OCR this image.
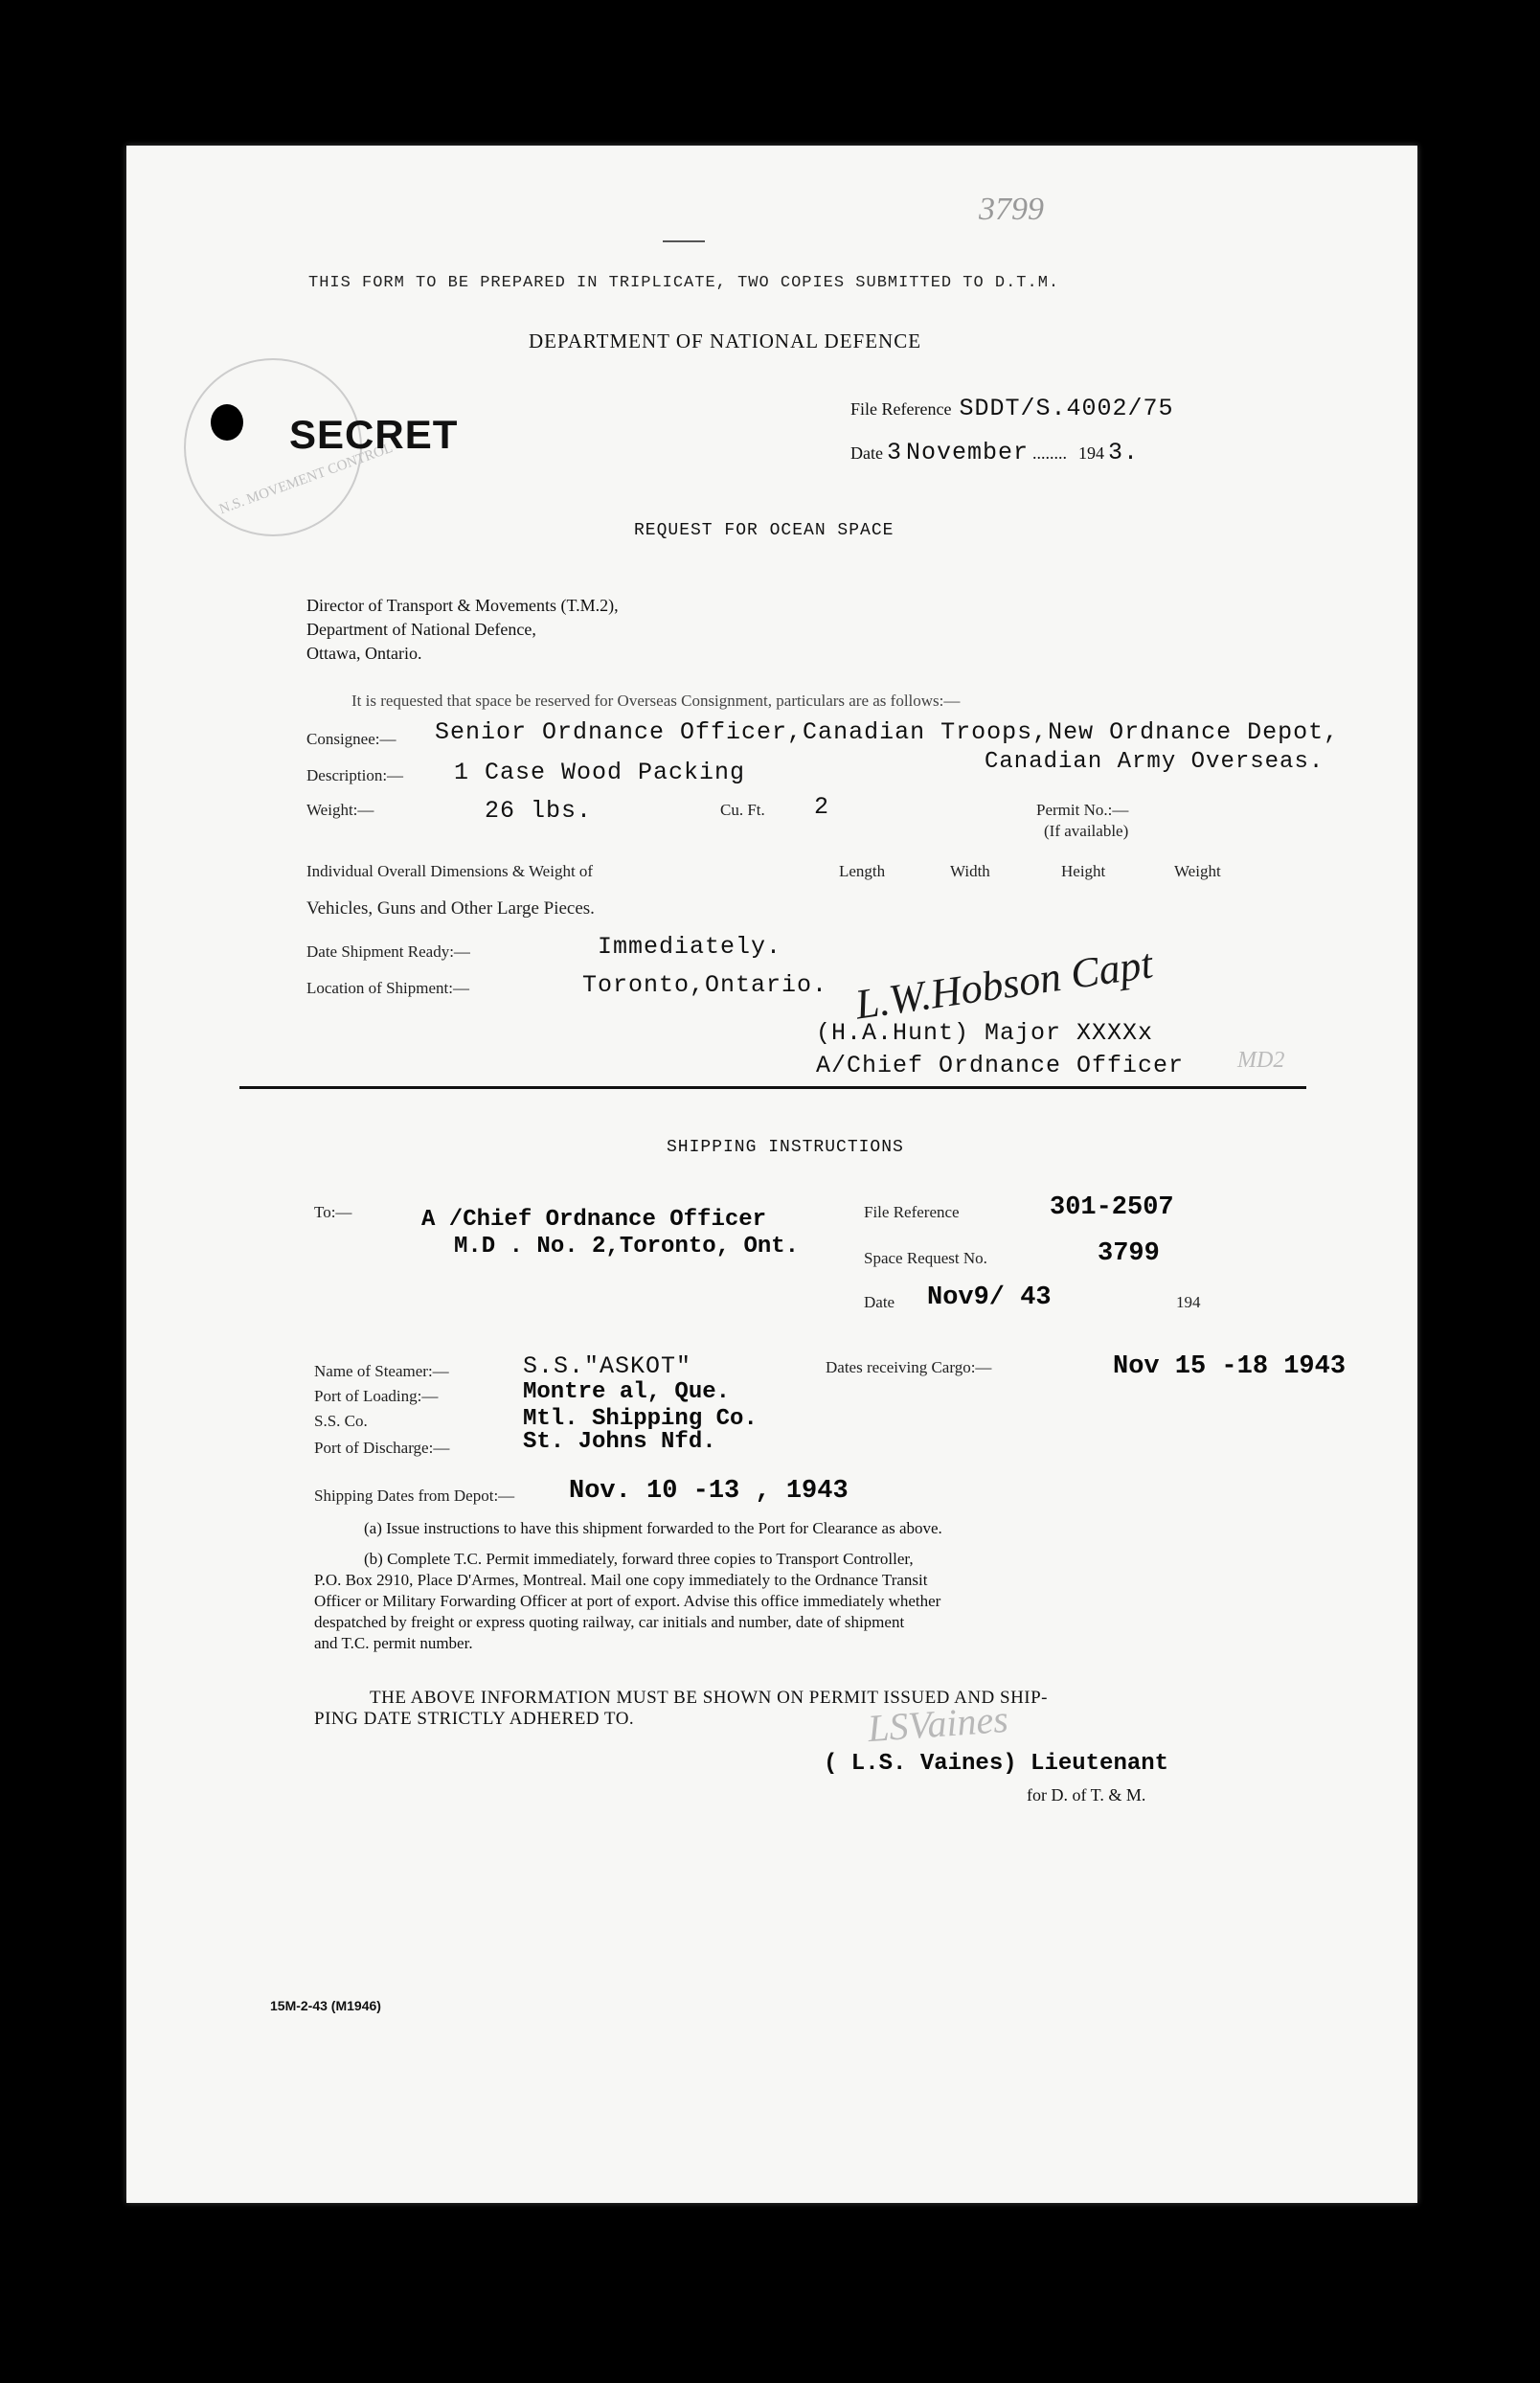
3799
THIS FORM TO BE PREPARED IN TRIPLICATE, TWO COPIES SUBMITTED TO D.T.M.
DEPARTMENT OF NATIONAL DEFENCE
N.S. MOVEMENT CONTROL
SECRET
File Reference SDDT/S.4002/75
Date 3 November ........ 194 3.
REQUEST FOR OCEAN SPACE
Director of Transport & Movements (T.M.2),
Department of National Defence,
Ottawa, Ontario.
It is requested that space be reserved for Overseas Consignment, particulars are as follows:—
Consignee:— Senior Ordnance Officer,Canadian Troops,New Ordnance Depot,
Canadian Army Overseas.
Description:— 1 Case Wood Packing
Weight:—	26 lbs.	Cu. Ft. 2	Permit No.:—
(If available)
Individual Overall Dimensions & Weight of	Length	Width	Height	Weight
Vehicles, Guns and Other Large Pieces.
Date Shipment Ready:—	Immediately.
Location of Shipment:—	Toronto,Ontario. L.W.Hobson Capt
(H.A.Hunt) Major XXXXx
A/Chief Ordnance Officer MD2
SHIPPING INSTRUCTIONS
To:—	A /Chief Ordnance Officer
M.D . No. 2,Toronto, Ont.
File Reference	301-2507
Space Request No.	3799
Date Nov9/ 43	194
Name of Steamer:—	S.S."ASKOT"	Dates receiving Cargo:—	Nov 15 -18 1943
Port of Loading:—	Montre al, Que.
S.S. Co.	Mtl. Shipping Co.
Port of Discharge:—	St. Johns Nfd.
Shipping Dates from Depot:— Nov. 10 -13 , 1943
(a) Issue instructions to have this shipment forwarded to the Port for Clearance as above.
(b) Complete T.C. Permit immediately, forward three copies to Transport Controller,
P.O. Box 2910, Place D'Armes, Montreal. Mail one copy immediately to the Ordnance Transit
Officer or Military Forwarding Officer at port of export. Advise this office immediately whether
despatched by freight or express quoting railway, car initials and number, date of shipment
and T.C. permit number.
THE ABOVE INFORMATION MUST BE SHOWN ON PERMIT ISSUED AND SHIP-
PING DATE STRICTLY ADHERED TO.	LSVaines
( L.S. Vaines) Lieutenant
for D. of T. & M.
15M-2-43 (M1946)
